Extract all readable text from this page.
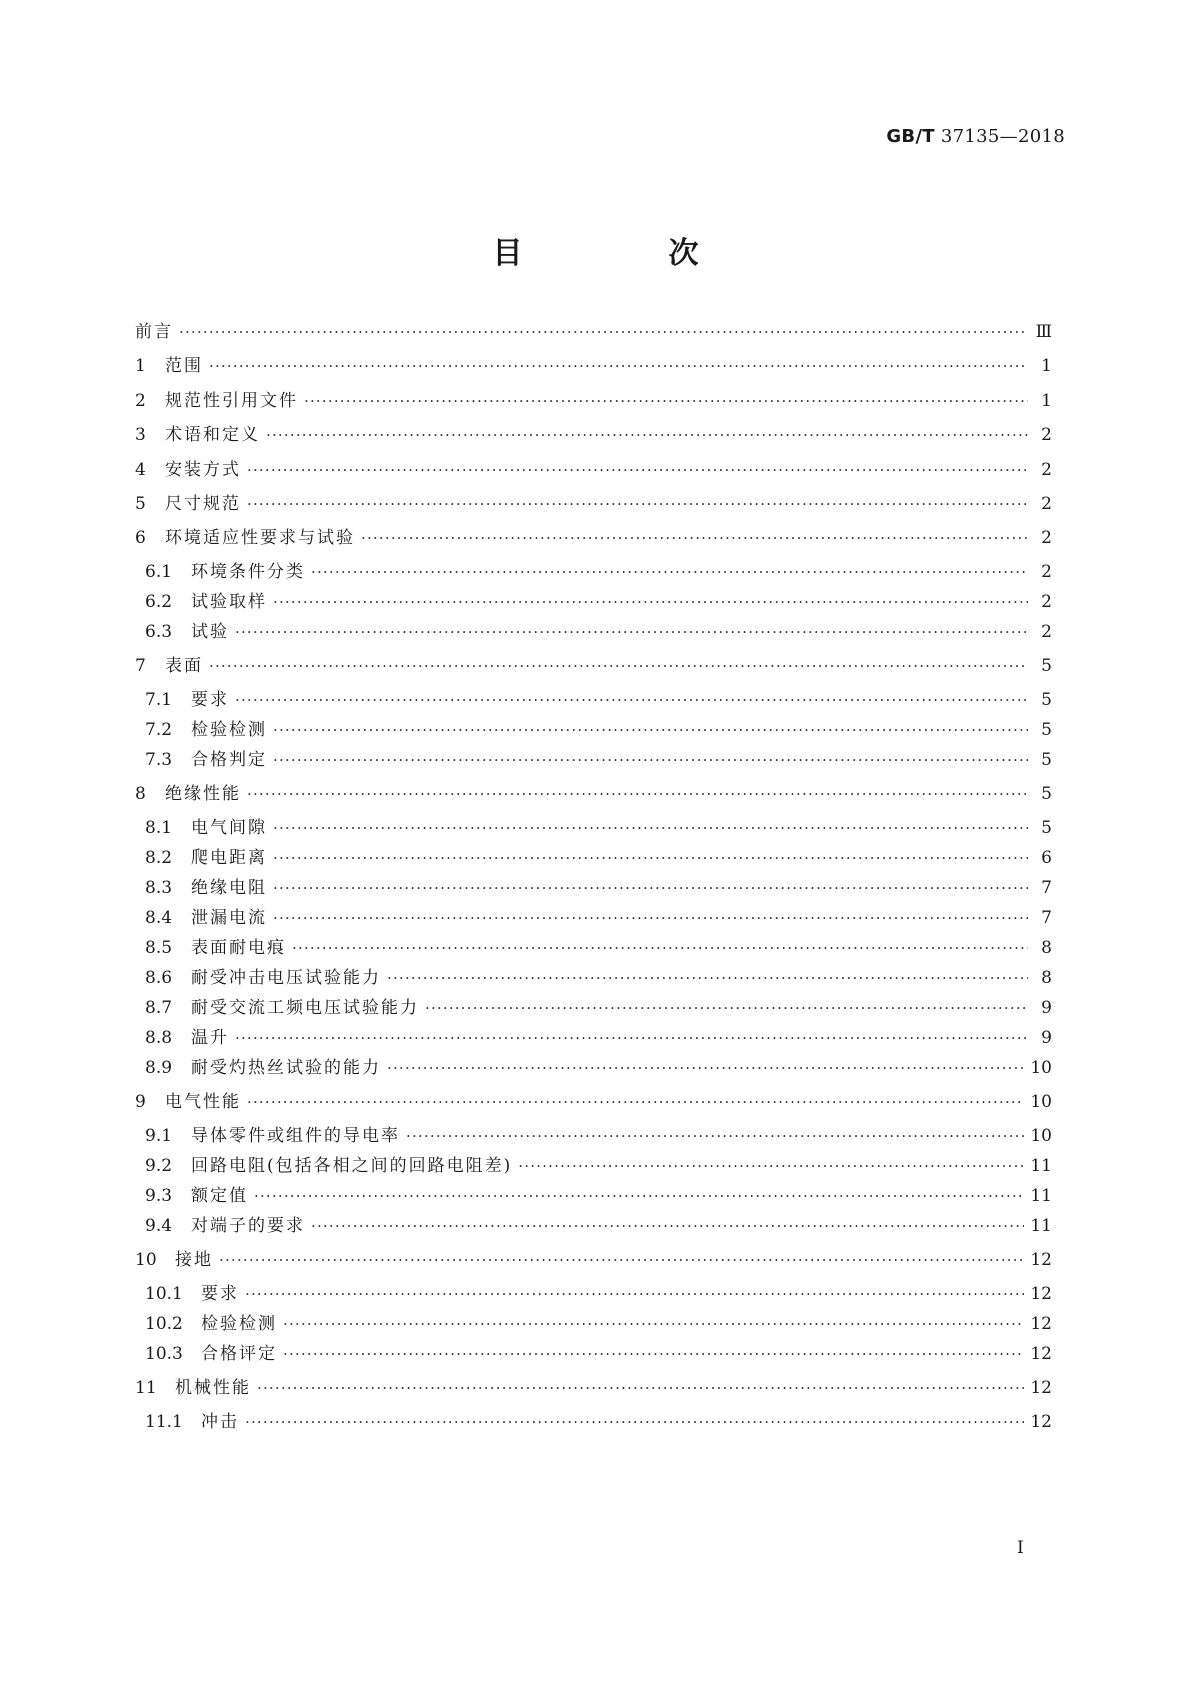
GB/T 37135—2018
目　次
前言 ·····	Ⅲ
1	范围 ·····	1
2	规范性引用文件 ·····	1
3	术语和定义 ·····	2
4	安装方式 ·····	2
5	尺寸规范 ·····	2
6	环境适应性要求与试验 ·····	2
6.1	环境条件分类 ·····	2
6.2	试验取样 ·····	2
6.3	试验 ·····	2
7	表面 ·····	5
7.1	要求 ·····	5
7.2	检验检测 ·····	5
7.3	合格判定 ·····	5
8	绝缘性能 ·····	5
8.1	电气间隙 ·····	5
8.2	爬电距离 ·····	6
8.3	绝缘电阻 ·····	7
8.4	泄漏电流 ·····	7
8.5	表面耐电痕 ·····	8
8.6	耐受冲击电压试验能力 ·····	8
8.7	耐受交流工频电压试验能力 ·····	9
8.8	温升 ·····	9
8.9	耐受灼热丝试验的能力 ·····	10
9	电气性能 ·····	10
9.1	导体零件或组件的导电率 ·····	10
9.2	回路电阻(包括各相之间的回路电阻差) ·····	11
9.3	额定值 ·····	11
9.4	对端子的要求 ·····	11
10	接地 ·····	12
10.1	要求 ·····	12
10.2	检验检测 ·····	12
10.3	合格评定 ·····	12
11	机械性能 ·····	12
11.1	冲击 ·····	12
I
